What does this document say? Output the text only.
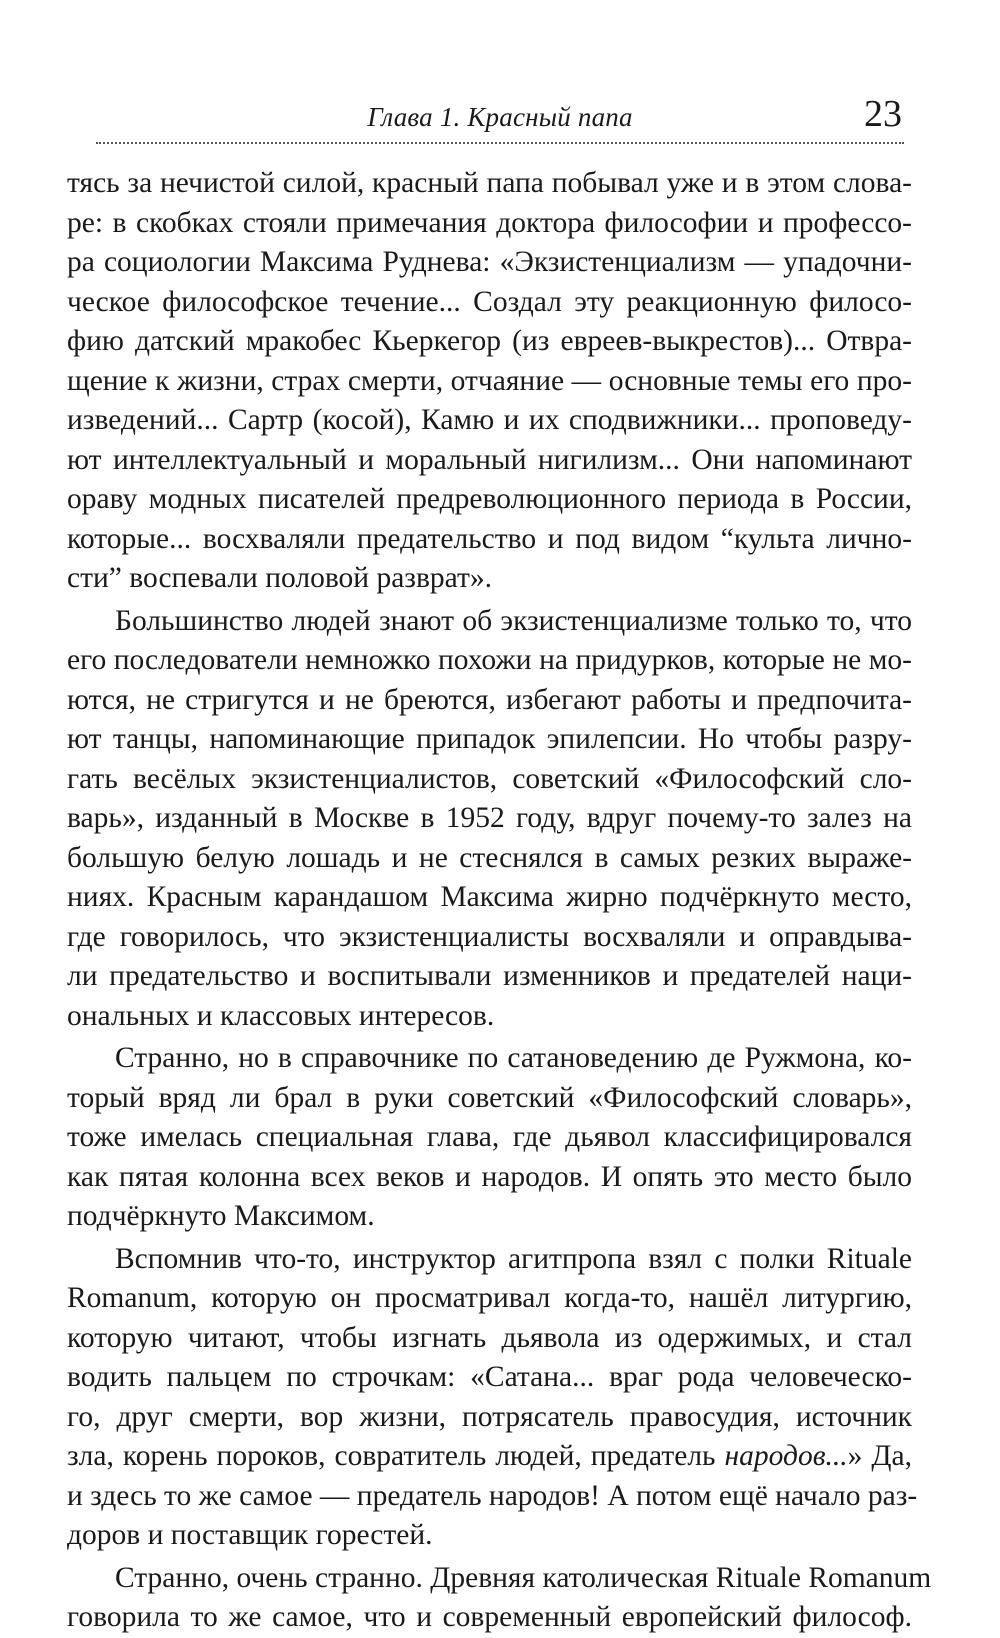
Глава 1. Красный папа	23
тясь за нечистой силой, красный папа побывал уже и в этом слова-
ре: в скобках стояли примечания доктора философии и профессо-
ра социологии Максима Руднева: «Экзистенциализм — упадочни-
ческое философское течение... Создал эту реакционную филосо-
фию датский мракобес Кьеркегор (из евреев-выкрестов)... Отвра-
щение к жизни, страх смерти, отчаяние — основные темы его про-
изведений... Сартр (косой), Камю и их сподвижники... проповеду-
ют интеллектуальный и моральный нигилизм... Они напоминают
ораву модных писателей предреволюционного периода в России,
которые... восхваляли предательство и под видом “культа лично-
сти” воспевали половой разврат».
Большинство людей знают об экзистенциализме только то, что
его последователи немножко похожи на придурков, которые не мо-
ются, не стригутся и не бреются, избегают работы и предпочита-
ют танцы, напоминающие припадок эпилепсии. Но чтобы разру-
гать весёлых экзистенциалистов, советский «Философский сло-
варь», изданный в Москве в 1952 году, вдруг почему-то залез на
большую белую лошадь и не стеснялся в самых резких выраже-
ниях. Красным карандашом Максима жирно подчёркнуто место,
где говорилось, что экзистенциалисты восхваляли и оправдыва-
ли предательство и воспитывали изменников и предателей наци-
ональных и классовых интересов.
Странно, но в справочнике по сатановедению де Ружмона, ко-
торый вряд ли брал в руки советский «Философский словарь»,
тоже имелась специальная глава, где дьявол классифицировался
как пятая колонна всех веков и народов. И опять это место было
подчёркнуто Максимом.
Вспомнив что-то, инструктор агитпропа взял с полки Rituale
Romanum, которую он просматривал когда-то, нашёл литургию,
которую читают, чтобы изгнать дьявола из одержимых, и стал
водить пальцем по строчкам: «Сатана... враг рода человеческо-
го, друг смерти, вор жизни, потрясатель правосудия, источник
зла, корень пороков, совратитель людей, предатель народов...» Да,
и здесь то же самое — предатель народов! А потом ещё начало раз-
доров и поставщик горестей.
Странно, очень странно. Древняя католическая Rituale Romanum
говорила то же самое, что и современный европейский философ.
